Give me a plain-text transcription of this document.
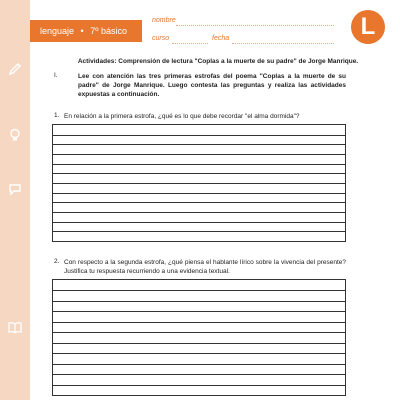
lenguaje • 7º básico
nombre
curso	fecha	L
Actividades: Comprensión de lectura "Coplas a la muerte de su padre" de Jorge Manrique.
I.	Lee con atención las tres primeras estrofas del poema "Coplas a la muerte de su padre" de Jorge Manrique. Luego contesta las preguntas y realiza las actividades expuestas a continuación.
1. En relación a la primera estrofa, ¿qué es lo que debe recordar "el alma dormida"?
2. Con respecto a la segunda estrofa, ¿qué piensa el hablante lírico sobre la vivencia del presente? Justifica tu respuesta recurriendo a una evidencia textual.
